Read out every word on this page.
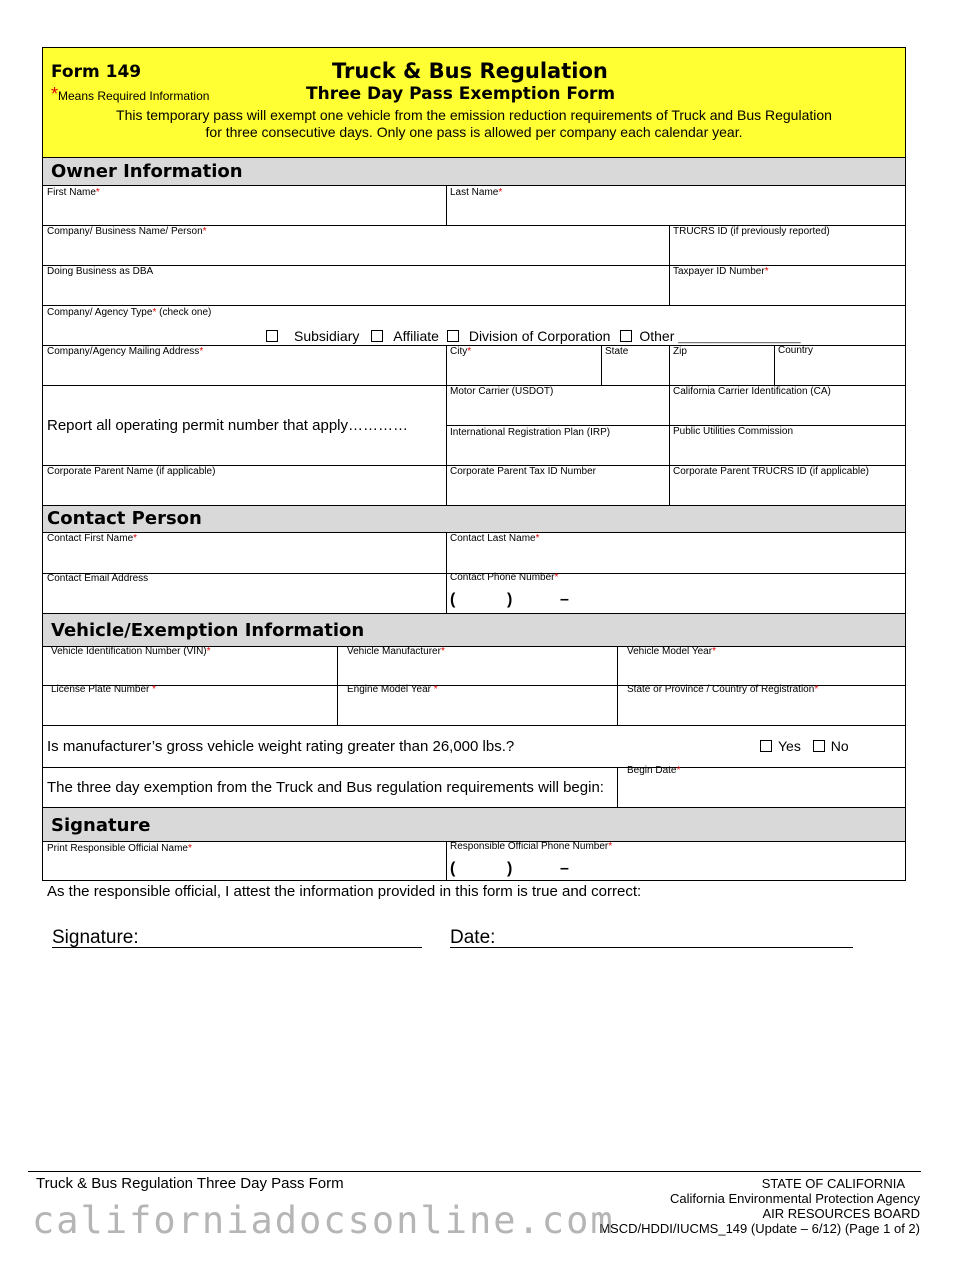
Form 149
*Means Required Information
Truck & Bus Regulation
Three Day Pass Exemption Form
This temporary pass will exempt one vehicle from the emission reduction requirements of Truck and Bus Regulation
for three consecutive days. Only one pass is allowed per company each calendar year.
Owner Information
First Name*	Last Name*
Company/ Business Name/ Person*	TRUCRS ID (if previously reported)
Doing Business as DBA	Taxpayer ID Number*
Company/ Agency Type* (check one)
Subsidiary Affiliate Division of Corporation Other ______________________
Company/Agency Mailing Address*	City*	State	Zip	Country
Report all operating permit number that apply…………
Motor Carrier (USDOT)	California Carrier Identification (CA)
International Registration Plan (IRP)	Public Utilities Commission
Corporate Parent Name (if applicable)	Corporate Parent Tax ID Number	Corporate Parent TRUCRS ID (if applicable)
Contact Person
Contact First Name*	Contact Last Name*
Contact Email Address	Contact Phone Number*
(	)	–
Vehicle/Exemption Information
Vehicle Identification Number (VIN)*	Vehicle Manufacturer*	Vehicle Model Year*
License Plate Number *	Engine Model Year *	State or Province / Country of Registration*
Is manufacturer’s gross vehicle weight rating greater than 26,000 lbs.?	Yes No
The three day exemption from the Truck and Bus regulation requirements will begin:
Begin Date*
Signature
Print Responsible Official Name*	Responsible Official Phone Number*
(	)	–
As the responsible official, I attest the information provided in this form is true and correct:
Signature:	Date:
Truck & Bus Regulation Three Day Pass Form	STATE OF CALIFORNIA
California Environmental Protection Agency
AIR RESOURCES BOARD
MSCD/HDDI/IUCMS_149 (Update – 6/12) (Page 1 of 2)
californiadocsonline.com
